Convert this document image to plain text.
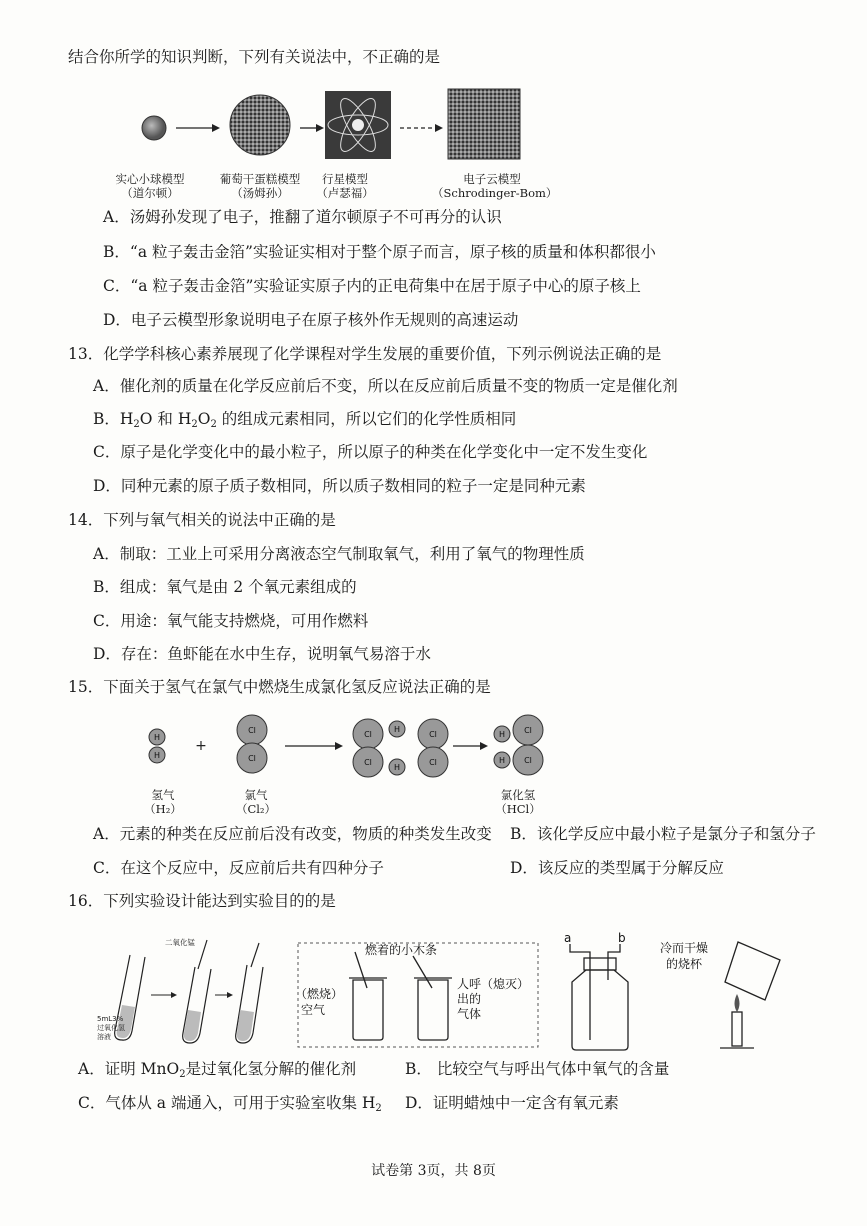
结合你所学的知识判断，下列有关说法中，不正确的是
实心小球模型
（道尔顿）
葡萄干蛋糕模型
（汤姆孙）
行星模型
（卢瑟福）
电子云模型
（Schrodinger-Bom）
A．汤姆孙发现了电子，推翻了道尔顿原子不可再分的认识
B．“a 粒子轰击金箔”实验证实相对于整个原子而言，原子核的质量和体积都很小
C．“a 粒子轰击金箔”实验证实原子内的正电荷集中在居于原子中心的原子核上
D．电子云模型形象说明电子在原子核外作无规则的高速运动
13．化学学科核心素养展现了化学课程对学生发展的重要价值，下列示例说法正确的是
A．催化剂的质量在化学反应前后不变，所以在反应前后质量不变的物质一定是催化剂
B．$H_2O$ 和 $H_2O_2$ 的组成元素相同，所以它们的化学性质相同
C．原子是化学变化中的最小粒子，所以原子的种类在化学变化中一定不发生变化
D．同种元素的原子质子数相同，所以质子数相同的粒子一定是同种元素
14．下列与氧气相关的说法中正确的是
A．制取：工业上可采用分离液态空气制取氧气，利用了氧气的物理性质
B．组成：氧气是由 2 个氧元素组成的
C．用途：氧气能支持燃烧，可用作燃料
D．存在：鱼虾能在水中生存，说明氧气易溶于水
15．下面关于氢气在氯气中燃烧生成氯化氢反应说法正确的是
H
H
Cl
Cl
Cl
Cl
H
H
Cl
Cl
H
H
Cl
Cl
+
氢气
（H₂）
氯气
（Cl₂）
氯化氢
（HCl）
A．元素的种类在反应前后没有改变，物质的种类发生改变 B．该化学反应中最小粒子是氯分子和氢分子
C．在这个反应中，反应前后共有四种分子	D．该反应的类型属于分解反应
16．下列实验设计能达到实验目的的是
二氧化锰
5mL3%
过氧化氢
溶液
燃着的小木条
（燃烧）
空气
人呼（熄灭）
出的
气体
a	b
冷而干燥
的烧杯
A．证明 MnO$_2$是过氧化氢分解的催化剂	B． 比较空气与呼出气体中氧气的含量
C．气体从 a 端通入，可用于实验室收集 $H_2$ D．证明蜡烛中一定含有氧元素
试卷第 3页，共 8页
